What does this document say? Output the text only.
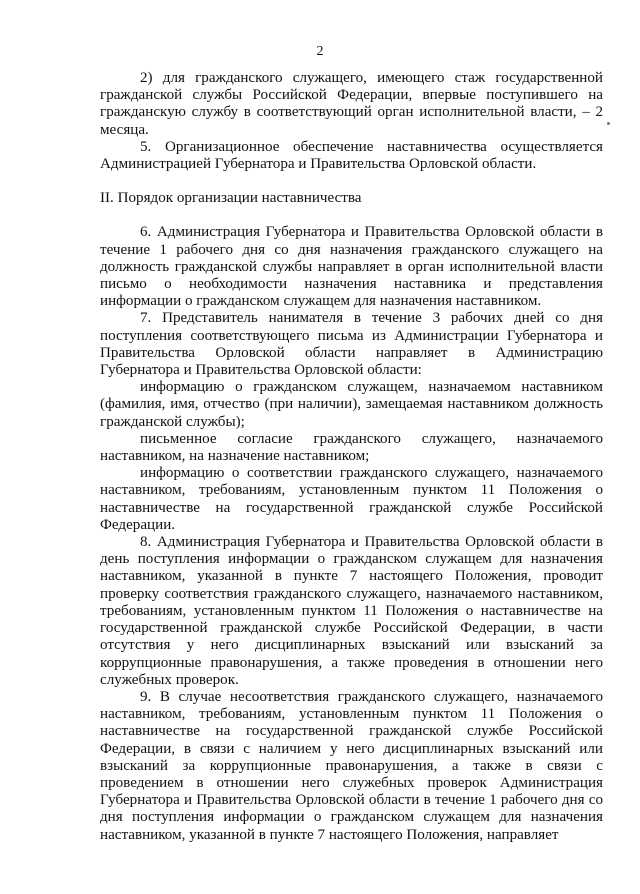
2

2) для гражданского служащего, имеющего стаж государственной гражданской службы Российской Федерации, впервые поступившего на гражданскую службу в соответствующий орган исполнительной власти, – 2 месяца.

5. Организационное обеспечение наставничества осуществляется Администрацией Губернатора и Правительства Орловской области.

II. Порядок организации наставничества

6. Администрация Губернатора и Правительства Орловской области в течение 1 рабочего дня со дня назначения гражданского служащего на должность гражданской службы направляет в орган исполнительной власти письмо о необходимости назначения наставника и представления информации о гражданском служащем для назначения наставником.

7. Представитель нанимателя в течение 3 рабочих дней со дня поступления соответствующего письма из Администрации Губернатора и Правительства Орловской области направляет в Администрацию Губернатора и Правительства Орловской области:

информацию о гражданском служащем, назначаемом наставником (фамилия, имя, отчество (при наличии), замещаемая наставником должность гражданской службы);

письменное согласие гражданского служащего, назначаемого наставником, на назначение наставником;

информацию о соответствии гражданского служащего, назначаемого наставником, требованиям, установленным пунктом 11 Положения о наставничестве на государственной гражданской службе Российской Федерации.

8. Администрация Губернатора и Правительства Орловской области в день поступления информации о гражданском служащем для назначения наставником, указанной в пункте 7 настоящего Положения, проводит проверку соответствия гражданского служащего, назначаемого наставником, требованиям, установленным пунктом 11 Положения о наставничестве на государственной гражданской службе Российской Федерации, в части отсутствия у него дисциплинарных взысканий или взысканий за коррупционные правонарушения, а также проведения в отношении него служебных проверок.

9. В случае несоответствия гражданского служащего, назначаемого наставником, требованиям, установленным пунктом 11 Положения о наставничестве на государственной гражданской службе Российской Федерации, в связи с наличием у него дисциплинарных взысканий или взысканий за коррупционные правонарушения, а также в связи с проведением в отношении него служебных проверок Администрация Губернатора и Правительства Орловской области в течение 1 рабочего дня со дня поступления информации о гражданском служащем для назначения наставником, указанной в пункте 7 настоящего Положения, направляет
